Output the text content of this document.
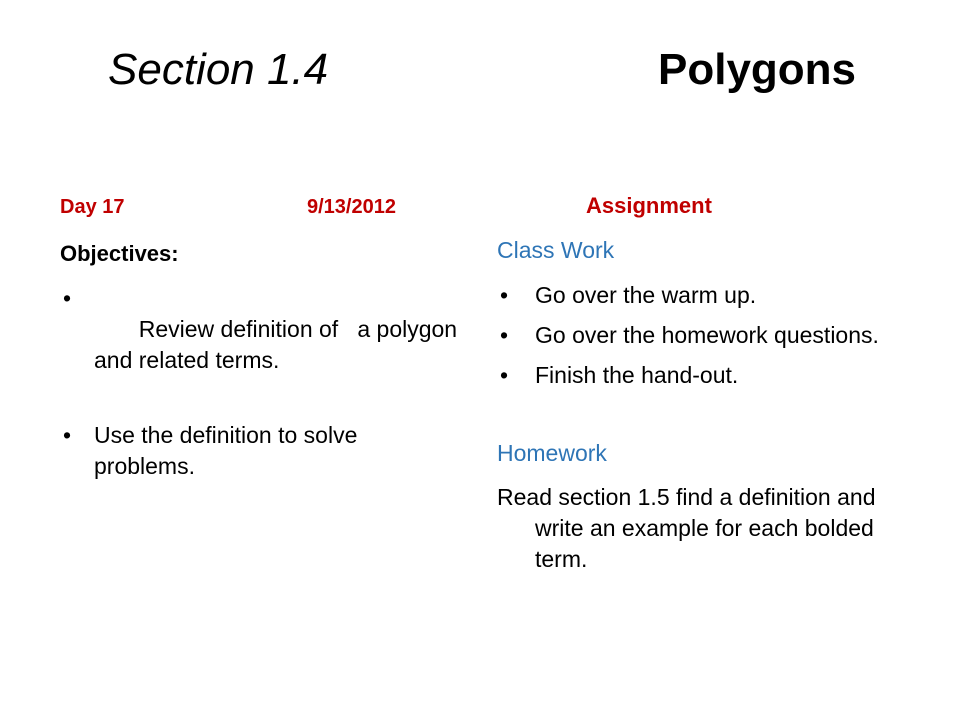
Section 1.4	Polygons
Day 17	9/13/2012
Objectives:

•
Review definition of   a polygon and related terms.

• Use the definition to solve problems.
Assignment
Class Work
• Go over the warm up.
• Go over the homework questions.
• Finish the hand-out.
Homework
Read section 1.5 find a definition and write an example for each bolded term.
